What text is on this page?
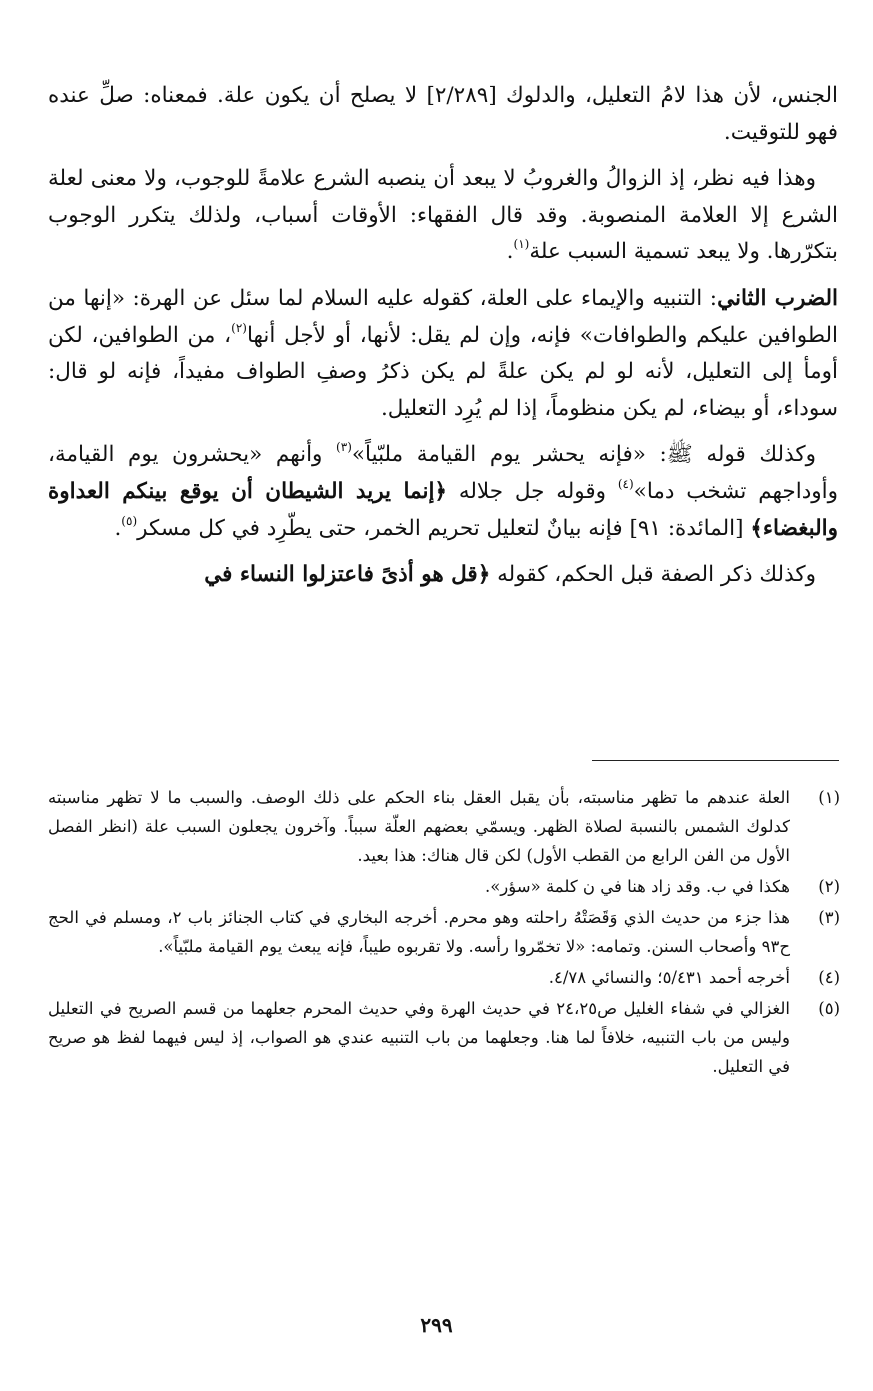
الجنس، لأن هذا لامُ التعليل، والدلوك [٢/٢٨٩] لا يصلح أن يكون علة. فمعناه: صلِّ عنده فهو للتوقيت.

وهذا فيه نظر، إذ الزوالُ والغروبُ لا يبعد أن ينصبه الشرع علامةً للوجوب، ولا معنى لعلة الشرع إلا العلامة المنصوبة. وقد قال الفقهاء: الأوقات أسباب، ولذلك يتكرر الوجوب بتكرّرها. ولا يبعد تسمية السبب علة$^{(١)}$.

الضرب الثاني: التنبيه والإيماء على العلة، كقوله عليه السلام لما سئل عن الهرة: «إنها من الطوافين عليكم والطوافات» فإنه، وإن لم يقل: لأنها، أو لأجل أنها$^{(٢)}$، من الطوافين، لكن أومأ إلى التعليل، لأنه لو لم يكن علةً لم يكن ذكرُ وصفِ الطواف مفيداً، فإنه لو قال: سوداء، أو بيضاء، لم يكن منظوماً، إذا لم يُرِد التعليل.

وكذلك قوله ﷺ: «فإنه يحشر يوم القيامة ملبّياً»$^{(٣)}$ وأنهم «يحشرون يوم القيامة، وأوداجهم تشخب دما»$^{(٤)}$ وقوله جل جلاله ﴿إنما يريد الشيطان أن يوقع بينكم العداوة والبغضاء﴾ [المائدة: ٩١] فإنه بيانٌ لتعليل تحريم الخمر، حتى يطّرِد في كل مسكر$^{(٥)}$.

وكذلك ذكر الصفة قبل الحكم، كقوله ﴿قل هو أذىً فاعتزلوا النساء في

(١)
العلة عندهم ما تظهر مناسبته، بأن يقبل العقل بناء الحكم على ذلك الوصف. والسبب ما لا تظهر مناسبته كدلوك الشمس بالنسبة لصلاة الظهر. ويسمّي بعضهم العلّة سبباً. وآخرون يجعلون السبب علة (انظر الفصل الأول من الفن الرابع من القطب الأول) لكن قال هناك: هذا بعيد.
(٢)
هكذا في ب. وقد زاد هنا في ن كلمة «سؤر».
(٣)
هذا جزء من حديث الذي وَقَصَتْهُ راحلته وهو محرم. أخرجه البخاري في كتاب الجنائز باب ٢، ومسلم في الحج ح٩٣ وأصحاب السنن. وتمامه: «لا تخمّروا رأسه. ولا تقربوه طيباً، فإنه يبعث يوم القيامة ملبّياً».
(٤)
أخرجه أحمد ٥/٤٣١؛ والنسائي ٤/٧٨.
(٥)
الغزالي في شفاء الغليل ص٢٤،٢٥ في حديث الهرة وفي حديث المحرم جعلهما من قسم الصريح في التعليل وليس من باب التنبيه، خلافاً لما هنا. وجعلهما من باب التنبيه عندي هو الصواب، إذ ليس فيهما لفظ هو صريح في التعليل.
٢٩٩
